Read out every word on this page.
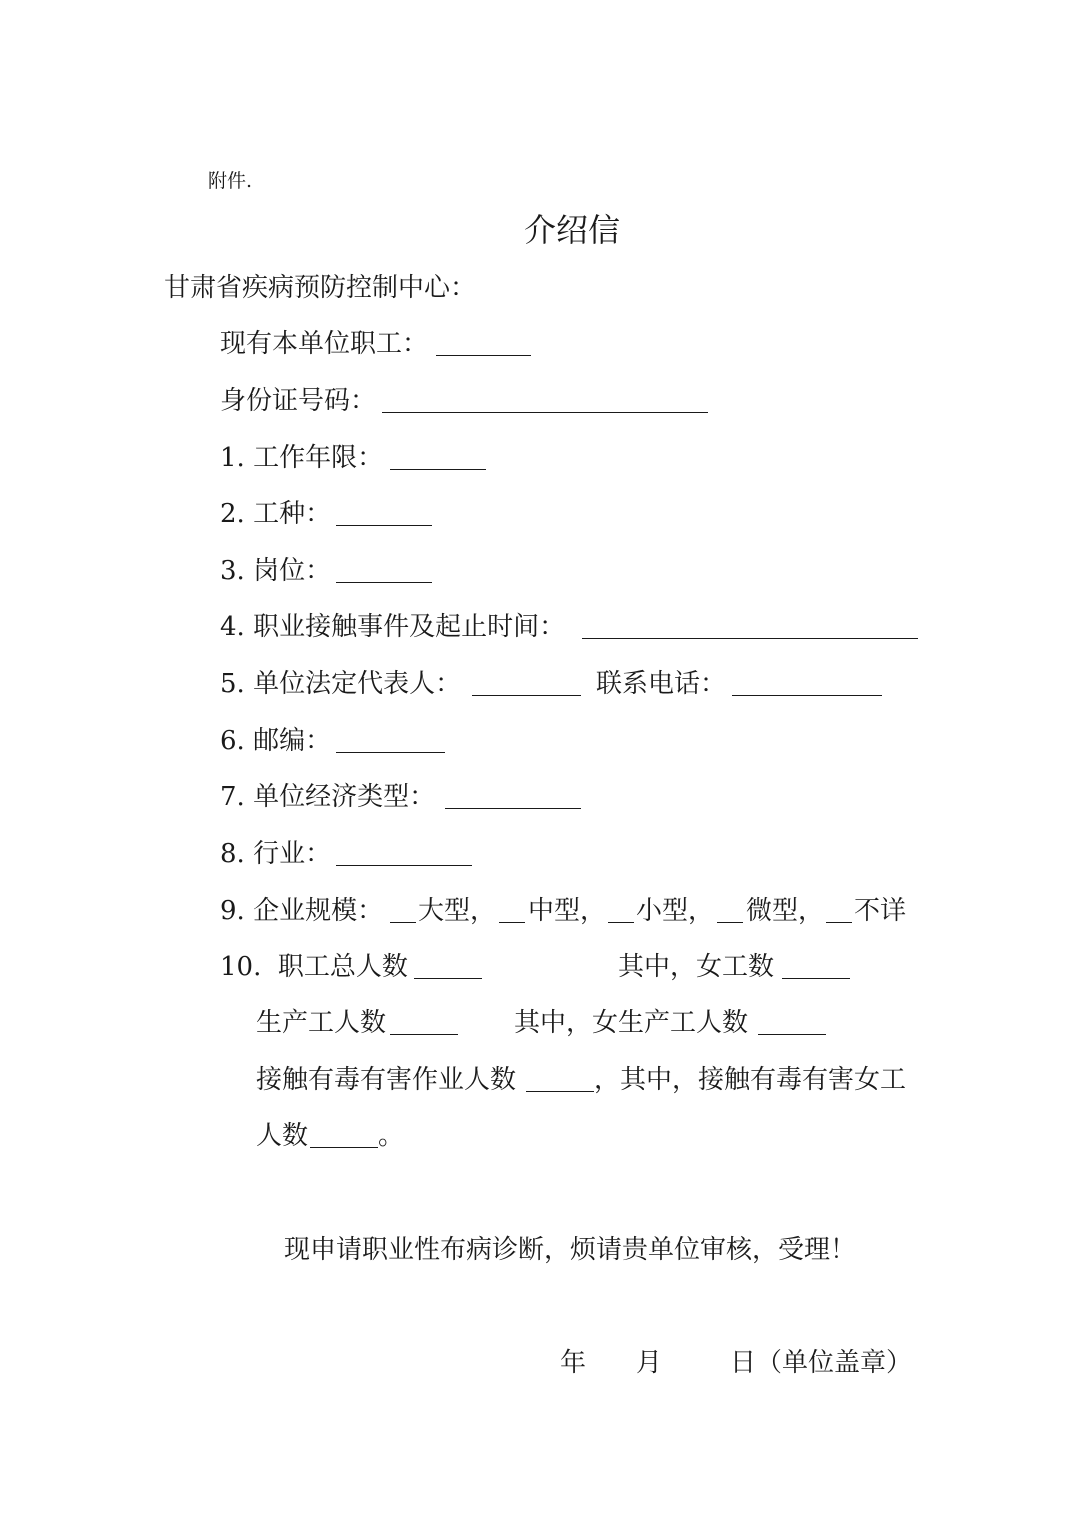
附件.
介绍信
甘肃省疾病预防控制中心：
现有本单位职工：
身份证号码：
1. 工作年限：
2. 工种：
3. 岗位：
4. 职业接触事件及起止时间：
5. 单位法定代表人：	联系电话：
6. 邮编：
7. 单位经济类型：
8. 行业：
9. 企业规模： 大型， 中型， 小型， 微型， 不详
10.  职工总人数	其中，女工数
生产工人数	其中，女生产工人数
接触有毒有害作业人数	，其中，接触有毒有害女工
人数	。
现申请职业性布病诊断，烦请贵单位审核，受理！
年 月	日（单位盖章）
